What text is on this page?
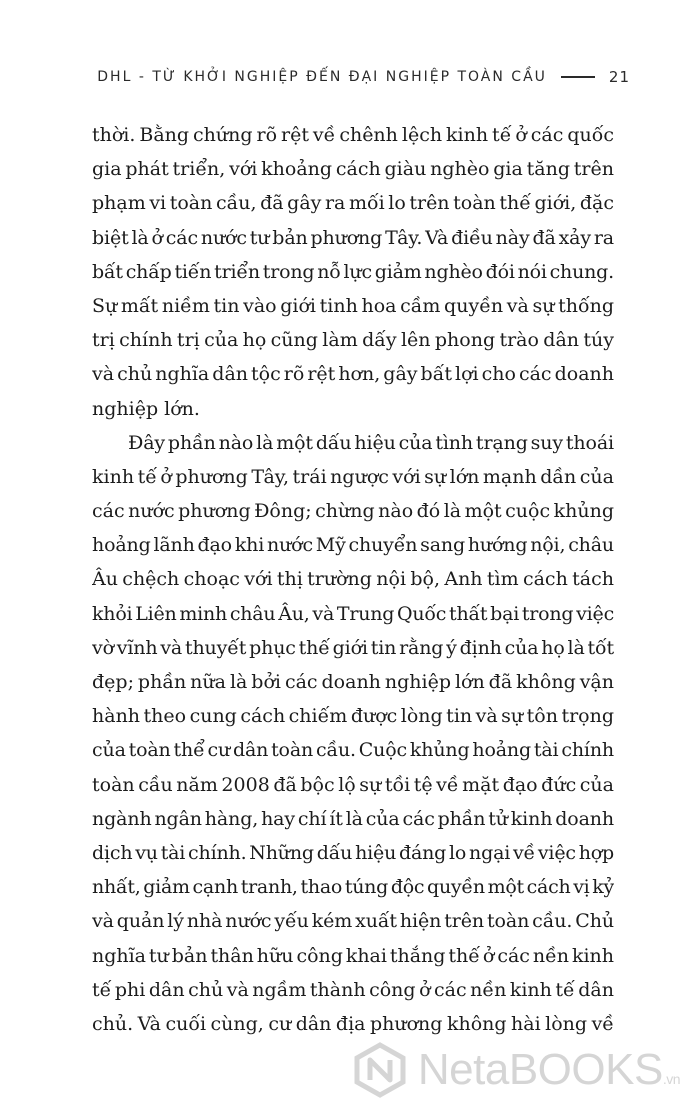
DHL - TỪ KHỞI NGHIỆP ĐẾN ĐẠI NGHIỆP TOÀN CẦU	21
thời. Bằng chứng rõ rệt về chênh lệch kinh tế ở các quốc
gia phát triển, với khoảng cách giàu nghèo gia tăng trên
phạm vi toàn cầu, đã gây ra mối lo trên toàn thế giới, đặc
biệt là ở các nước tư bản phương Tây. Và điều này đã xảy ra
bất chấp tiến triển trong nỗ lực giảm nghèo đói nói chung.
Sự mất niềm tin vào giới tinh hoa cầm quyền và sự thống
trị chính trị của họ cũng làm dấy lên phong trào dân túy
và chủ nghĩa dân tộc rõ rệt hơn, gây bất lợi cho các doanh
nghiệp lớn.
Đây phần nào là một dấu hiệu của tình trạng suy thoái
kinh tế ở phương Tây, trái ngược với sự lớn mạnh dần của
các nước phương Đông; chừng nào đó là một cuộc khủng
hoảng lãnh đạo khi nước Mỹ chuyển sang hướng nội, châu
Âu chệch choạc với thị trường nội bộ, Anh tìm cách tách
khỏi Liên minh châu Âu, và Trung Quốc thất bại trong việc
vờ vĩnh và thuyết phục thế giới tin rằng ý định của họ là tốt
đẹp; phần nữa là bởi các doanh nghiệp lớn đã không vận
hành theo cung cách chiếm được lòng tin và sự tôn trọng
của toàn thể cư dân toàn cầu. Cuộc khủng hoảng tài chính
toàn cầu năm 2008 đã bộc lộ sự tồi tệ về mặt đạo đức của
ngành ngân hàng, hay chí ít là của các phần tử kinh doanh
dịch vụ tài chính. Những dấu hiệu đáng lo ngại về việc hợp
nhất, giảm cạnh tranh, thao túng độc quyền một cách vị kỷ
và quản lý nhà nước yếu kém xuất hiện trên toàn cầu. Chủ
nghĩa tư bản thân hữu công khai thắng thế ở các nền kinh
tế phi dân chủ và ngầm thành công ở các nền kinh tế dân
chủ. Và cuối cùng, cư dân địa phương không hài lòng về
NetaBOOKS.vn
